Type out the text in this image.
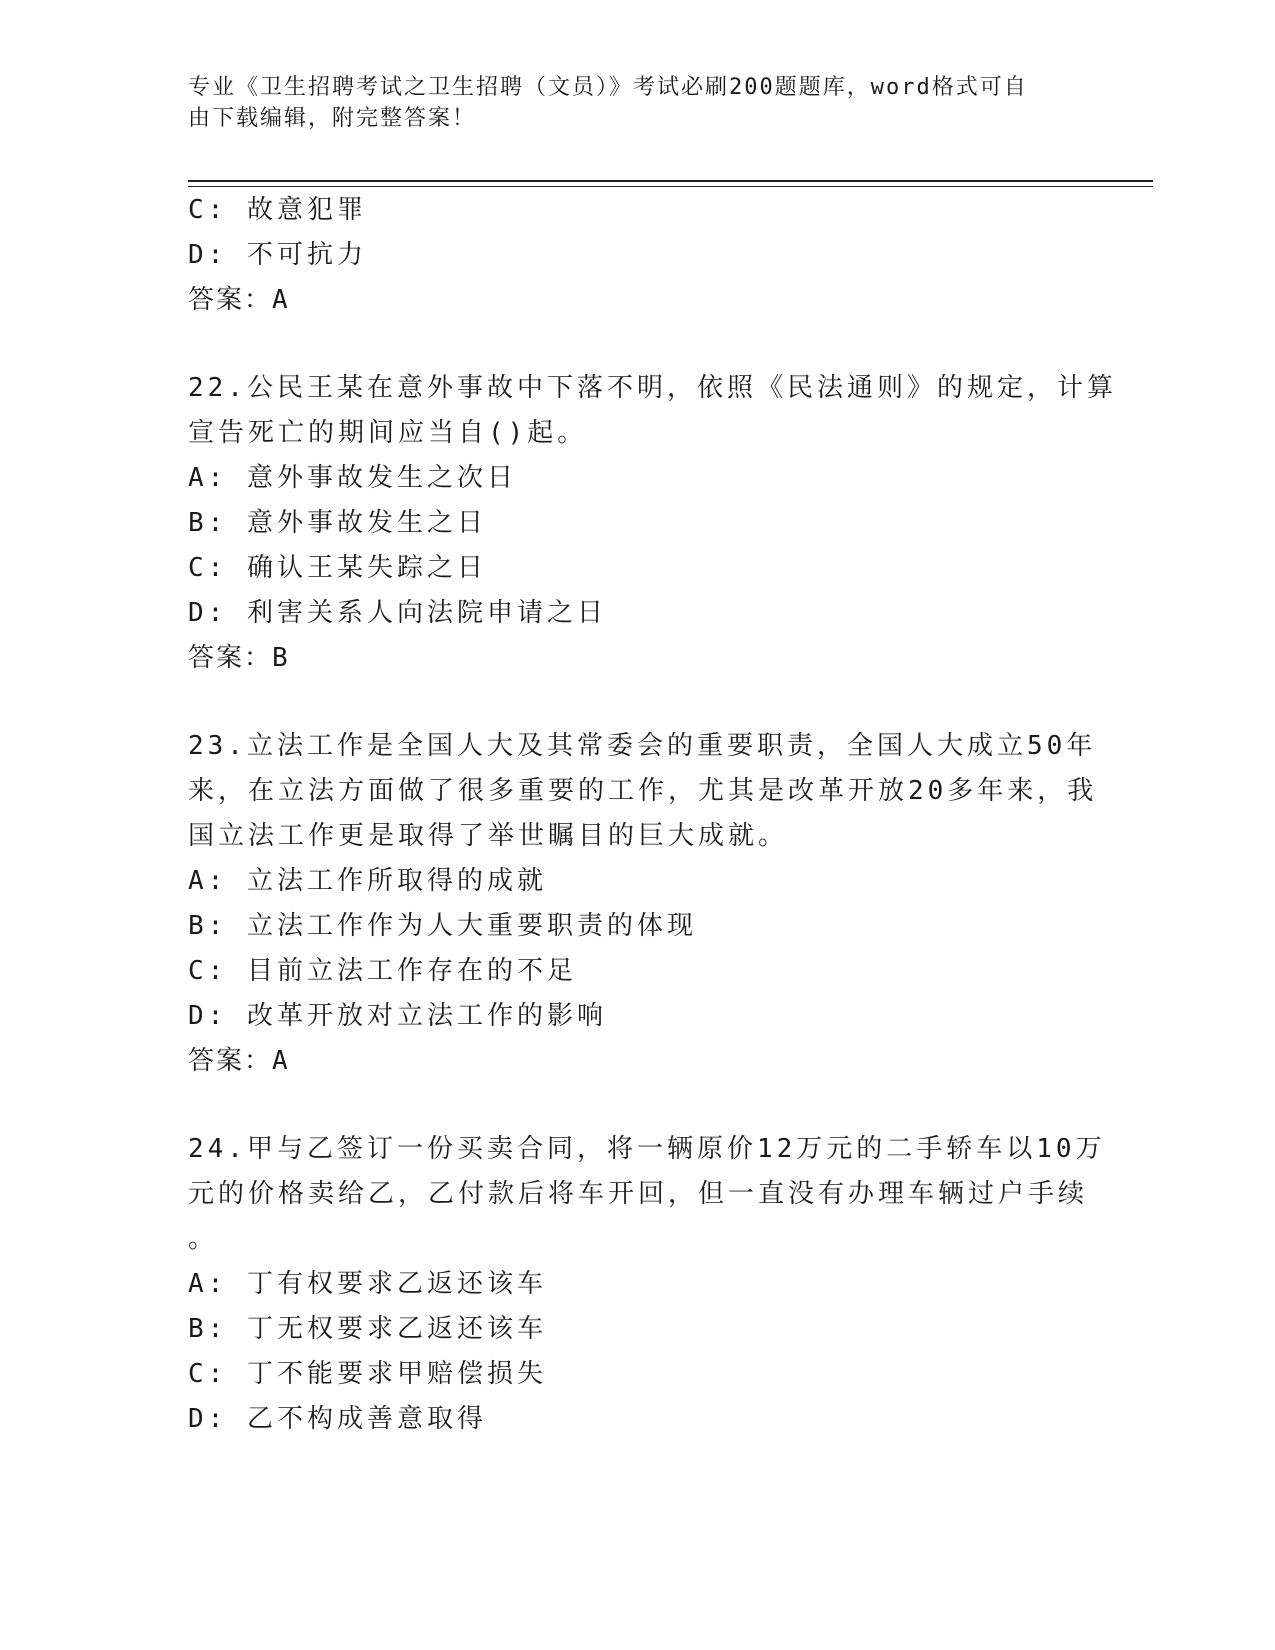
专业《卫生招聘考试之卫生招聘（文员）》考试必刷200题题库，word格式可自
由下载编辑，附完整答案！
C: 故意犯罪
D: 不可抗力
答案：A
22.公民王某在意外事故中下落不明，依照《民法通则》的规定，计算
宣告死亡的期间应当自()起。
A: 意外事故发生之次日
B: 意外事故发生之日
C: 确认王某失踪之日
D: 利害关系人向法院申请之日
答案：B
23.立法工作是全国人大及其常委会的重要职责，全国人大成立50年
来，在立法方面做了很多重要的工作，尤其是改革开放20多年来，我
国立法工作更是取得了举世瞩目的巨大成就。
A: 立法工作所取得的成就
B: 立法工作作为人大重要职责的体现
C: 目前立法工作存在的不足
D: 改革开放对立法工作的影响
答案：A
24.甲与乙签订一份买卖合同，将一辆原价12万元的二手轿车以10万
元的价格卖给乙，乙付款后将车开回，但一直没有办理车辆过户手续
。
A: 丁有权要求乙返还该车
B: 丁无权要求乙返还该车
C: 丁不能要求甲赔偿损失
D: 乙不构成善意取得
